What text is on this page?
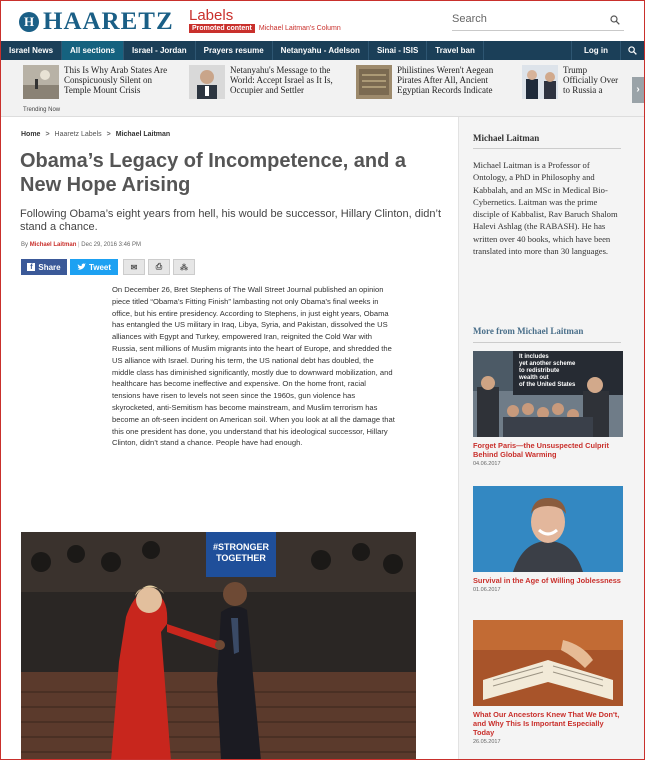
H HAARETZ Labels
Promoted content	Michael Laitman's Column
Search
Israel News	All sections	Israel - Jordan	Prayers resume	Netanyahu - Adelson	Sinai - ISIS	Travel ban	Log in
This Is Why Arab States Are Conspicuously Silent on Temple Mount Crisis
Netanyahu's Message to the World: Accept Israel as It Is, Occupier and Settler
Philistines Weren't Aegean Pirates After All, Ancient Egyptian Records Indicate
Trump Officially Over to Russia a	›
Trending Now
Home > Haaretz Labels > Michael Laitman
Obama’s Legacy of Incompetence, and a New Hope Arising
Following Obama’s eight years from hell, his would be successor, Hillary Clinton, didn’t stand a chance.
By Michael Laitman | Dec 29, 2016 3:46 PM
f Share	Tweet ✉ ⎙ ⁂
On December 26, Bret Stephens of The Wall Street Journal published an opinion piece titled “Obama’s Fitting Finish” lambasting not only Obama’s final weeks in office, but his entire presidency. According to Stephens, in just eight years, Obama has entangled the US military in Iraq, Libya, Syria, and Pakistan, dissolved the US alliances with Egypt and Turkey, empowered Iran, reignited the Cold War with Russia, sent millions of Muslim migrants into the heart of Europe, and shredded the US alliance with Israel. During his term, the US national debt has doubled, the middle class has diminished significantly, mostly due to downward mobilization, and healthcare has become ineffective and expensive. On the home front, racial tensions have risen to levels not seen since the 1960s, gun violence has skyrocketed, anti-Semitism has become mainstream, and Muslim terrorism has become an oft-seen incident on American soil. When you look at all the damage that this one president has done, you understand that his ideological successor, Hillary Clinton, didn’t stand a chance. People have had enough.
#STRONGER TOGETHER
Michael Laitman
Michael Laitman is a Professor of Ontology, a PhD in Philosophy and Kabbalah, and an MSc in Medical Bio-Cybernetics. Laitman was the prime disciple of Kabbalist, Rav Baruch Shalom Halevi Ashlag (the RABASH). He has written over 40 books, which have been translated into more than 30 languages.
More from Michael Laitman
It includes yet another scheme to redistribute wealth out of the United States
Forget Paris—the Unsuspected Culprit Behind Global Warming
04.06.2017
Survival in the Age of Willing Joblessness
01.06.2017
What Our Ancestors Knew That We Don't, and Why This Is Important Especially Today
26.05.2017
